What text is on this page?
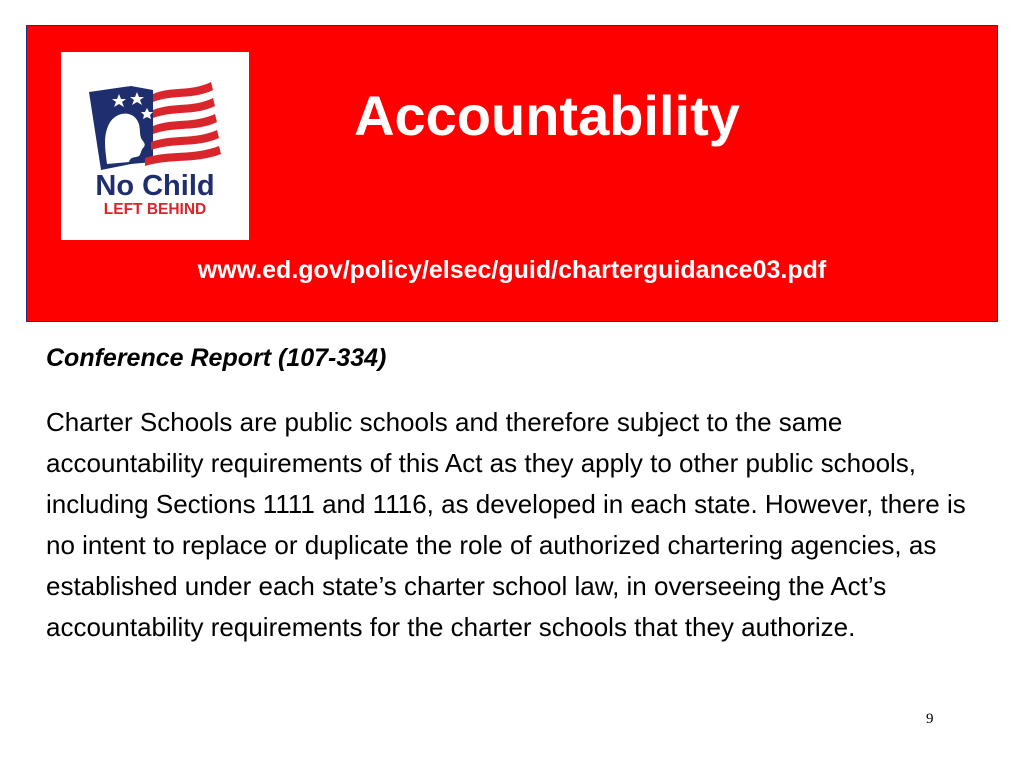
No Child
LEFT BEHIND
Accountability
www.ed.gov/policy/elsec/guid/charterguidance03.pdf
Conference Report (107-334)

Charter Schools are public schools and therefore subject to the same accountability requirements of this Act as they apply to other public schools, including Sections 1111 and 1116, as developed in each state. However, there is no intent to replace or duplicate the role of authorized chartering agencies, as established under each state’s charter school law, in overseeing the Act’s accountability requirements for the charter schools that they authorize.

9
